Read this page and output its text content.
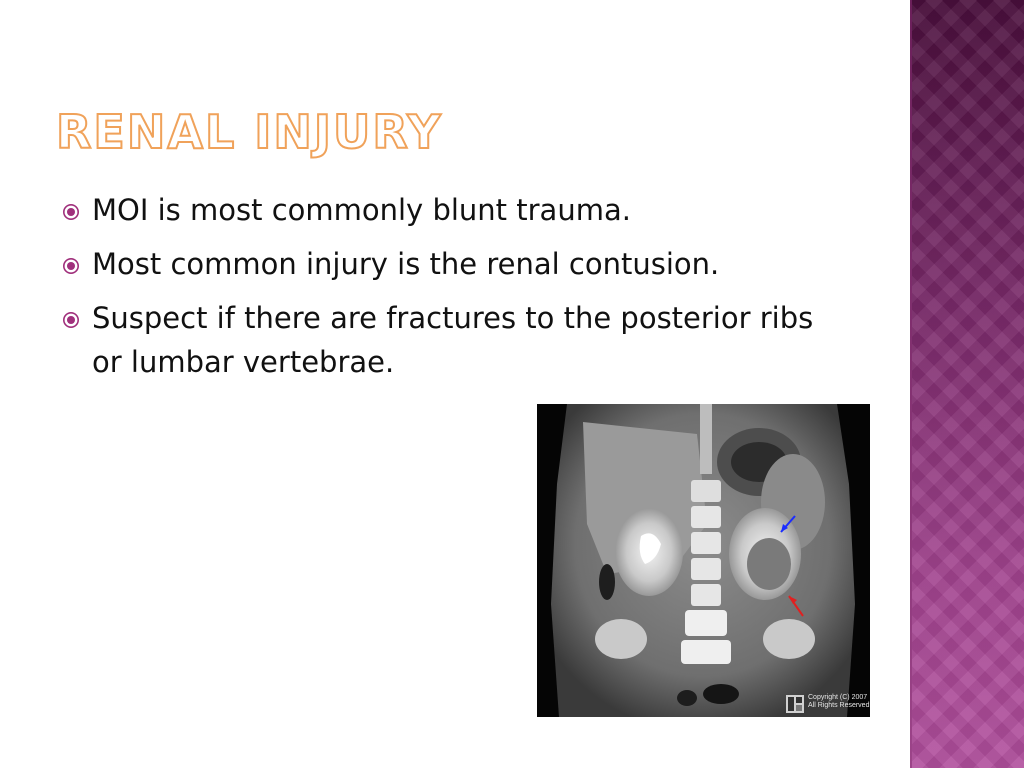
RENAL INJURY
MOI is most commonly blunt trauma.
Most common injury is the renal contusion.
Suspect if there are fractures to the posterior ribs or lumbar vertebrae.
Copyright (C) 2007
All Rights Reserved
